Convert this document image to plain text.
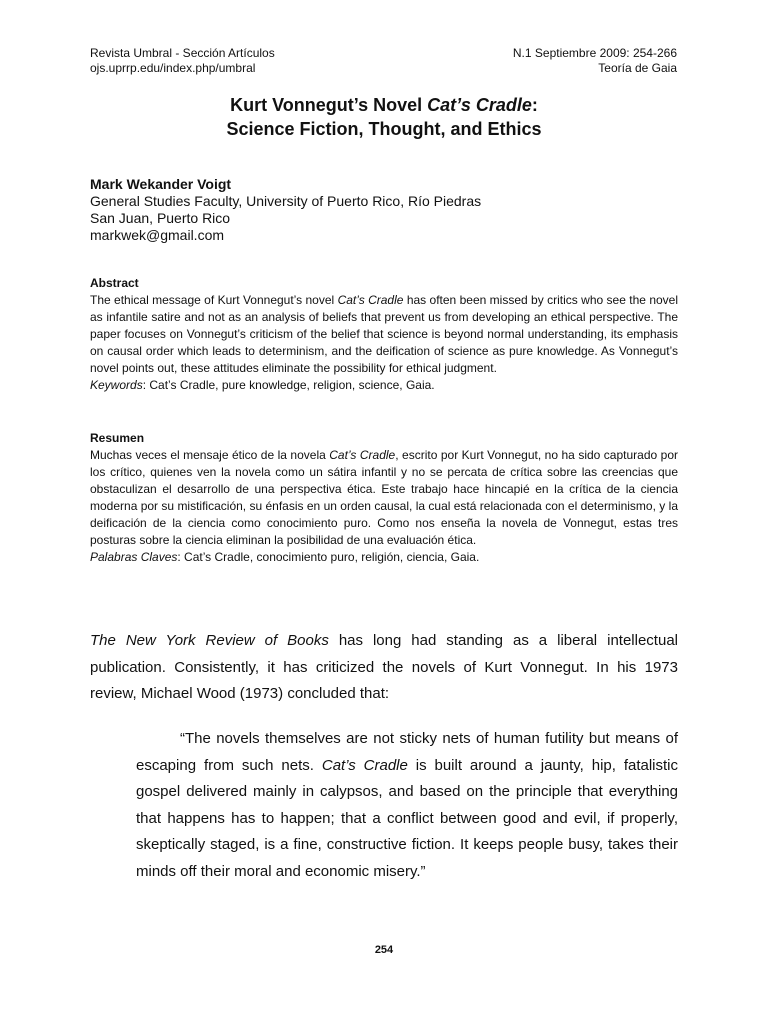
Revista Umbral - Sección Artículos
ojs.uprrp.edu/index.php/umbral
N.1 Septiembre 2009: 254-266
Teoría de Gaia
Kurt Vonnegut’s Novel Cat’s Cradle:
Science Fiction, Thought, and Ethics
Mark Wekander Voigt
General Studies Faculty, University of Puerto Rico, Río Piedras
San Juan, Puerto Rico
markwek@gmail.com
Abstract
The ethical message of Kurt Vonnegut’s novel Cat’s Cradle has often been missed by critics who see the novel as infantile satire and not as an analysis of beliefs that prevent us from developing an ethical perspective. The paper focuses on Vonnegut’s criticism of the belief that science is beyond normal understanding, its emphasis on causal order which leads to determinism, and the deification of science as pure knowledge. As Vonnegut’s novel points out, these attitudes eliminate the possibility for ethical judgment.
Keywords: Cat’s Cradle, pure knowledge, religion, science, Gaia.
Resumen
Muchas veces el mensaje ético de la novela Cat’s Cradle, escrito por Kurt Vonnegut, no ha sido capturado por los crítico, quienes ven la novela como un sátira infantil y no se percata de crítica sobre las creencias que obstaculizan el desarrollo de una perspectiva ética. Este trabajo hace hincapié en la crítica de la ciencia moderna por su mistificación, su énfasis en un orden causal, la cual está relacionada con el determinismo, y la deificación de la ciencia como conocimiento puro. Como nos enseña la novela de Vonnegut, estas tres posturas sobre la ciencia eliminan la posibilidad de una evaluación ética.
Palabras Claves: Cat’s Cradle, conocimiento puro, religión, ciencia, Gaia.
The New York Review of Books has long had standing as a liberal intellectual publication. Consistently, it has criticized the novels of Kurt Vonnegut. In his 1973 review, Michael Wood (1973) concluded that:
“The novels themselves are not sticky nets of human futility but means of escaping from such nets. Cat’s Cradle is built around a jaunty, hip, fatalistic gospel delivered mainly in calypsos, and based on the principle that everything that happens has to happen; that a conflict between good and evil, if properly, skeptically staged, is a fine, constructive fiction. It keeps people busy, takes their minds off their moral and economic misery.”
254
